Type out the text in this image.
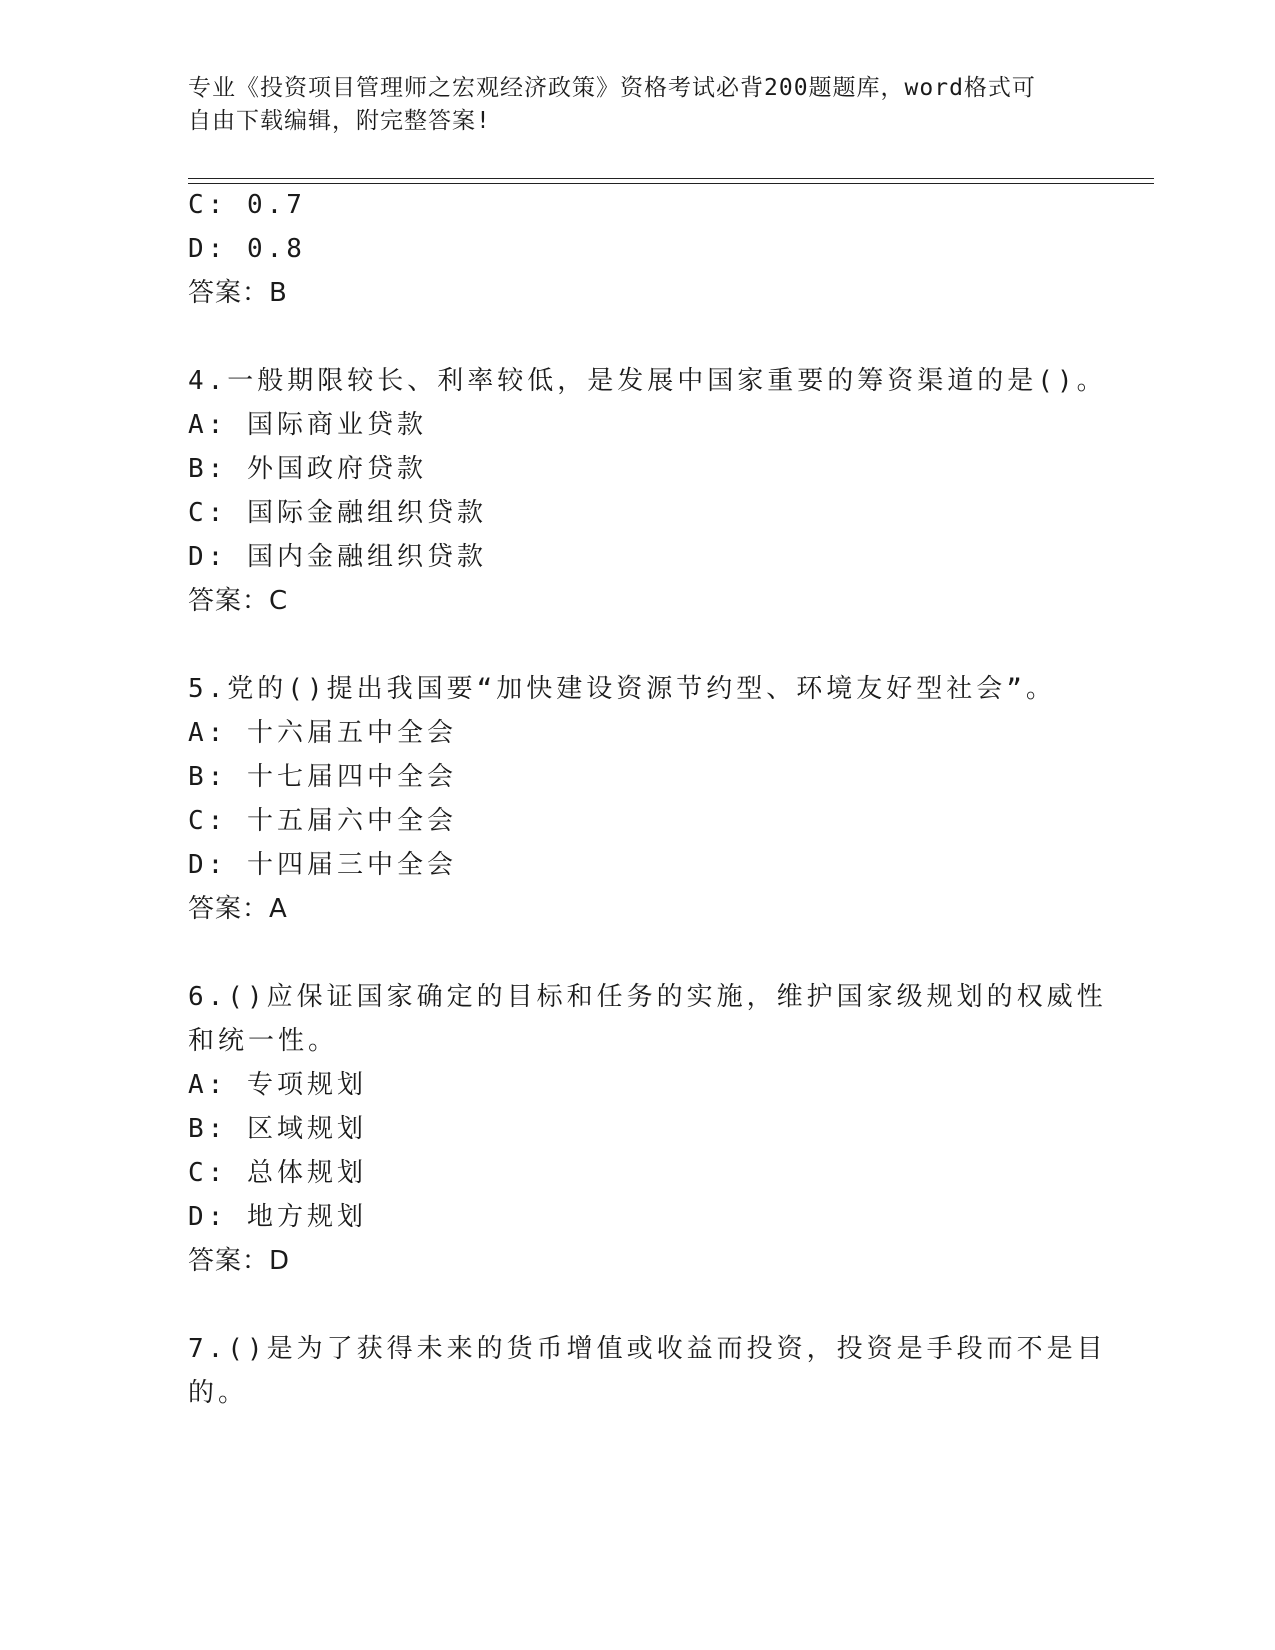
专业《投资项目管理师之宏观经济政策》资格考试必背200题题库，word格式可
自由下载编辑，附完整答案!
C: 0.7
D: 0.8
答案：B
4.一般期限较长、利率较低，是发展中国家重要的筹资渠道的是()。
A: 国际商业贷款
B: 外国政府贷款
C: 国际金融组织贷款
D: 国内金融组织贷款
答案：C
5.党的()提出我国要“加快建设资源节约型、环境友好型社会”。
A: 十六届五中全会
B: 十七届四中全会
C: 十五届六中全会
D: 十四届三中全会
答案：A
6.()应保证国家确定的目标和任务的实施，维护国家级规划的权威性
和统一性。
A: 专项规划
B: 区域规划
C: 总体规划
D: 地方规划
答案：D
7.()是为了获得未来的货币增值或收益而投资，投资是手段而不是目
的。
